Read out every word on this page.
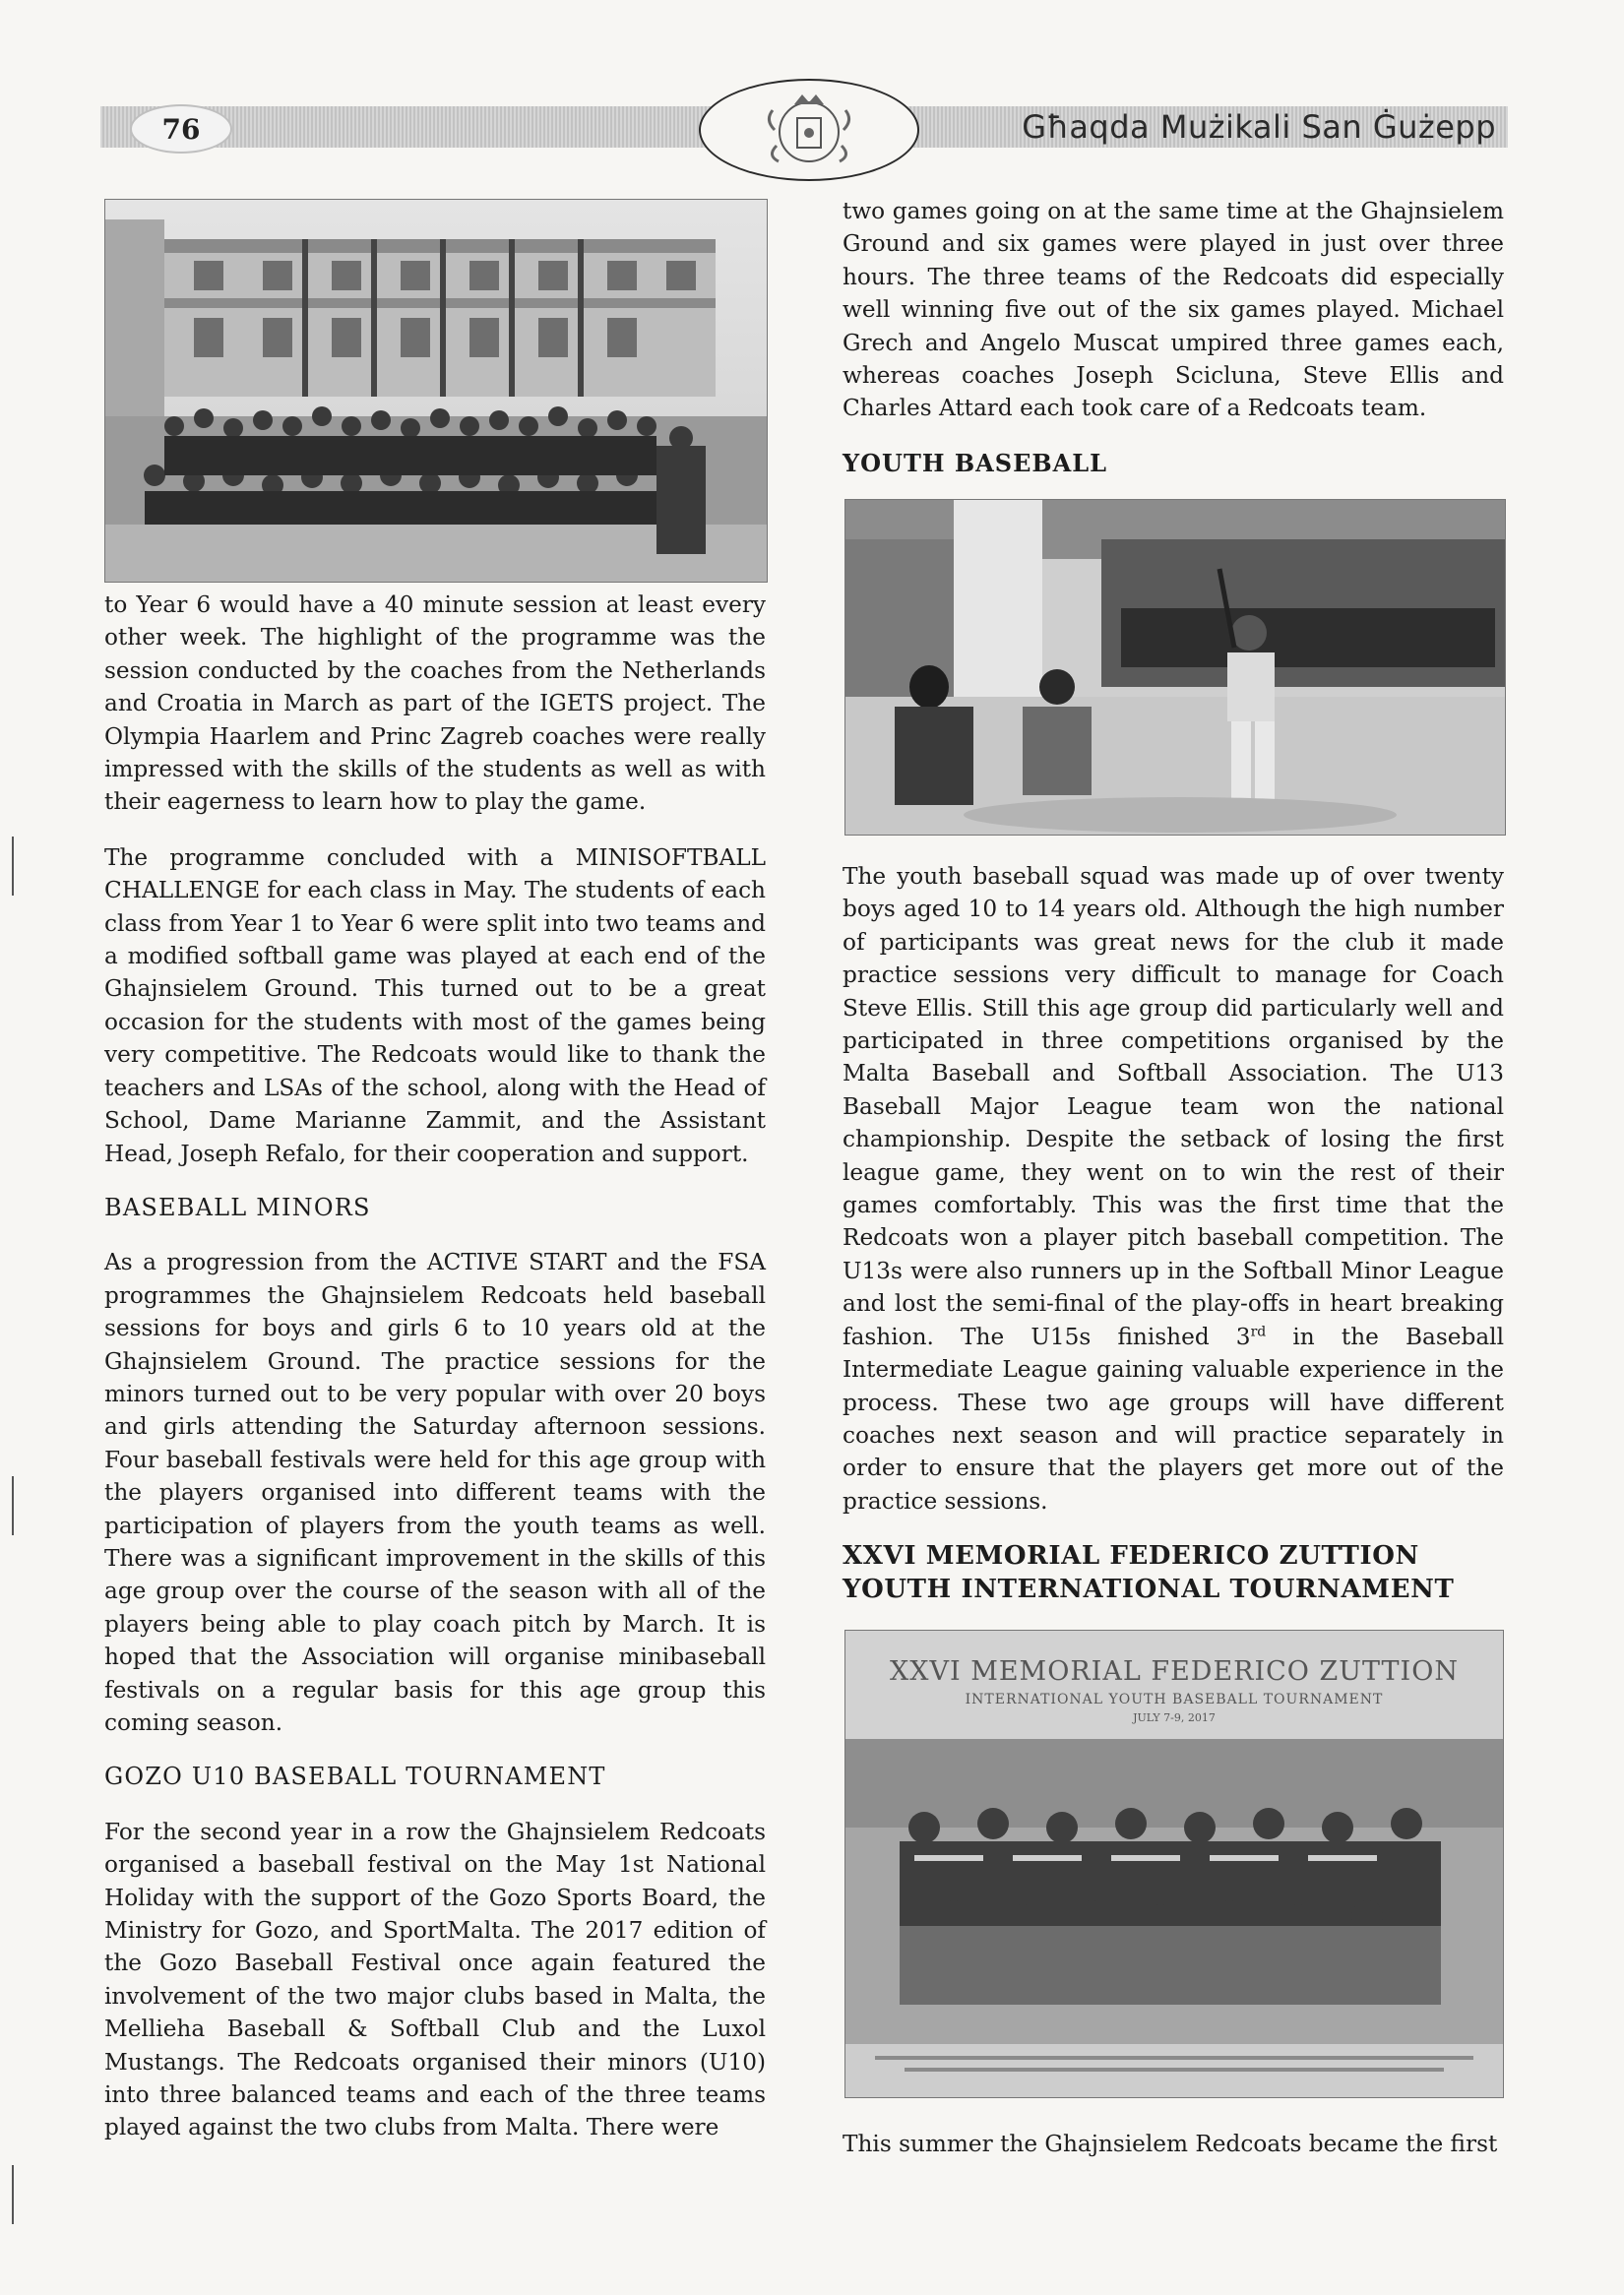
76	Għaqda Mużikali San Ġużepp

to Year 6 would have a 40 minute session at least every other week. The highlight of the programme was the session conducted by the coaches from the Netherlands and Croatia in March as part of the IGETS project. The Olympia Haarlem and Princ Zagreb coaches were really impressed with the skills of the students as well as with their eagerness to learn how to play the game.

The programme concluded with a MINISOFTBALL CHALLENGE for each class in May. The students of each class from Year 1 to Year 6 were split into two teams and a modified softball game was played at each end of the Ghajnsielem Ground. This turned out to be a great occasion for the students with most of the games being very competitive. The Redcoats would like to thank the teachers and LSAs of the school, along with the Head of School, Dame Marianne Zammit, and the Assistant Head, Joseph Refalo, for their cooperation and support.

BASEBALL MINORS

As a progression from the ACTIVE START and the FSA programmes the Ghajnsielem Redcoats held baseball sessions for boys and girls 6 to 10 years old at the Ghajnsielem Ground. The practice sessions for the minors turned out to be very popular with over 20 boys and girls attending the Saturday afternoon sessions. Four baseball festivals were held for this age group with the players organised into different teams with the participation of players from the youth teams as well. There was a significant improvement in the skills of this age group over the course of the season with all of the players being able to play coach pitch by March. It is hoped that the Association will organise minibaseball festivals on a regular basis for this age group this coming season.

GOZO U10 BASEBALL TOURNAMENT

For the second year in a row the Ghajnsielem Redcoats organised a baseball festival on the May 1st National Holiday with the support of the Gozo Sports Board, the Ministry for Gozo, and SportMalta. The 2017 edition of the Gozo Baseball Festival once again featured the involvement of the two major clubs based in Malta, the Mellieha Baseball & Softball Club and the Luxol Mustangs. The Redcoats organised their minors (U10) into three balanced teams and each of the three teams played against the two clubs from Malta. There were

two games going on at the same time at the Ghajnsielem Ground and six games were played in just over three hours. The three teams of the Redcoats did especially well winning five out of the six games played. Michael Grech and Angelo Muscat umpired three games each, whereas coaches Joseph Scicluna, Steve Ellis and Charles Attard each took care of a Redcoats team.

YOUTH BASEBALL

The youth baseball squad was made up of over twenty boys aged 10 to 14 years old. Although the high number of participants was great news for the club it made practice sessions very difficult to manage for Coach Steve Ellis. Still this age group did particularly well and participated in three competitions organised by the Malta Baseball and Softball Association. The U13 Baseball Major League team won the national championship. Despite the setback of losing the first league game, they went on to win the rest of their games comfortably. This was the first time that the Redcoats won a player pitch baseball competition. The U13s were also runners up in the Softball Minor League and lost the semi-final of the play-offs in heart breaking fashion. The U15s finished 3rd in the Baseball Intermediate League gaining valuable experience in the process. These two age groups will have different coaches next season and will practice separately in order to ensure that the players get more out of the practice sessions.

XXVI MEMORIAL FEDERICO ZUTTION YOUTH INTERNATIONAL TOURNAMENT

XXVI MEMORIAL FEDERICO ZUTTION
INTERNATIONAL YOUTH BASEBALL TOURNAMENT
JULY 7-9, 2017

This summer the Ghajnsielem Redcoats became the first
